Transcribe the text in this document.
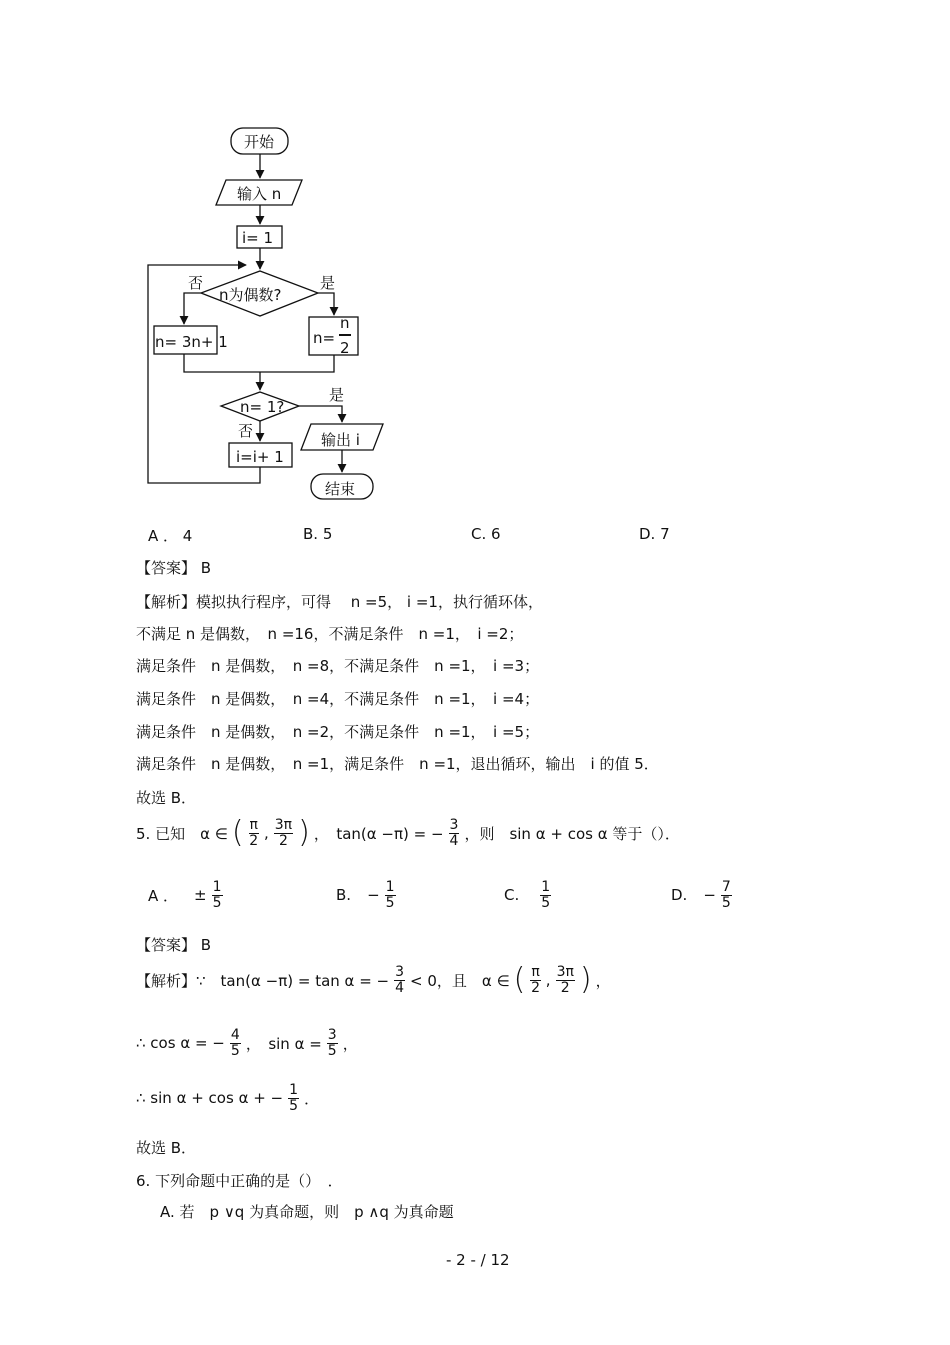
开始
输入 n
i= 1
n为偶数?
否	是
n= 3n+ 1	n=
n
2
n= 1?
是
否	输出 i
i=i+ 1
结束
A ． 4	B. 5	C. 6	D. 7
【答案】 B
【解析】模拟执行程序，可得 　n =5， i =1，执行循环体，
不满足 n 是偶数，　n =16，不满足条件　n =1，　i =2；
满足条件　n 是偶数，　n =8，不满足条件　n =1，　i =3；
满足条件　n 是偶数，　n =4，不满足条件　n =1，　i =4；
满足条件　n 是偶数，　n =2，不满足条件　n =1，　i =5；
满足条件　n 是偶数，　n =1，满足条件　n =1，退出循环，输出　i 的值 5．
故选 B．
5. 已知　α ∈ ( $\frac{\pi}{2}$ , $\frac{3\pi}{2}$ ) ，　tan(α −π) = − $\frac{3}{4}$ ，则　sin α + cos α 等于（）．
A ． ± $\frac{1}{5}$	B. − $\frac{1}{5}$	C. $\frac{1}{5}$	D. − $\frac{7}{5}$
【答案】 B
【解析】∵　tan(α −π) = tan α = − $\frac{3}{4} < 0$，且　α ∈ ( $\frac{\pi}{2}$ , $\frac{3\pi}{2}$ ) ，
∴ cos α = − $\frac{4}{5}$ ，　$\sin \alpha = \frac{3}{5}$ ，
∴ sin α + cos α + − $\frac{1}{5}$ ．
故选 B．
6. 下列命题中正确的是（）　．
A. 若　p ∨q 为真命题，则　p ∧q 为真命题
- 2 - / 12
